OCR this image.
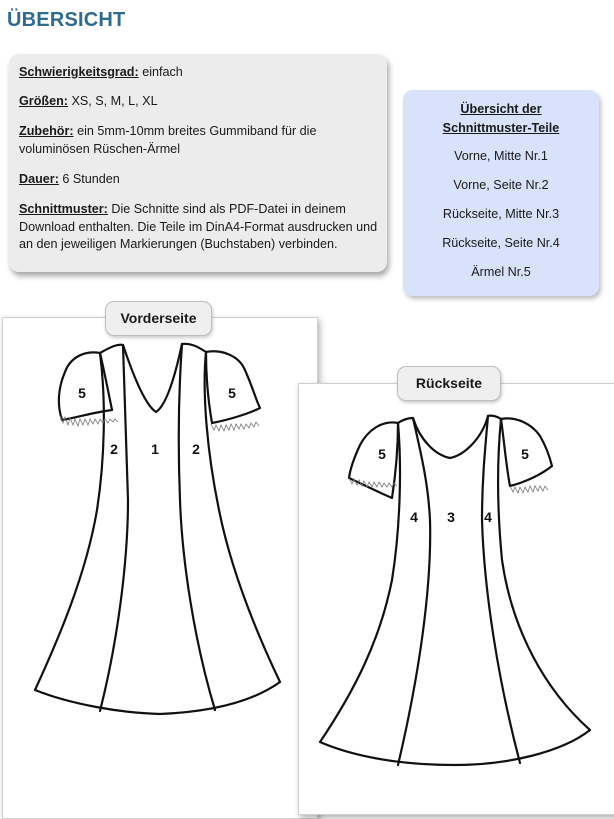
ÜBERSICHT
Schwierigkeitsgrad: einfach
Größen: XS, S, M, L, XL
Zubehör: ein 5mm-10mm breites Gummiband für die voluminösen Rüschen-Ärmel
Dauer: 6 Stunden
Schnittmuster: Die Schnitte sind als PDF-Datei in deinem Download enthalten. Die Teile im DinA4-Format ausdrucken und an den jeweiligen Markierungen (Buchstaben) verbinden.
Übersicht der
Schnittmuster-Teile
Vorne, Mitte Nr.1
Vorne, Seite Nr.2
Rückseite, Mitte Nr.3
Rückseite, Seite Nr.4
Ärmel Nr.5
5	5
2 1 2
Vorderseite
5	5
4 3 4
Rückseite
